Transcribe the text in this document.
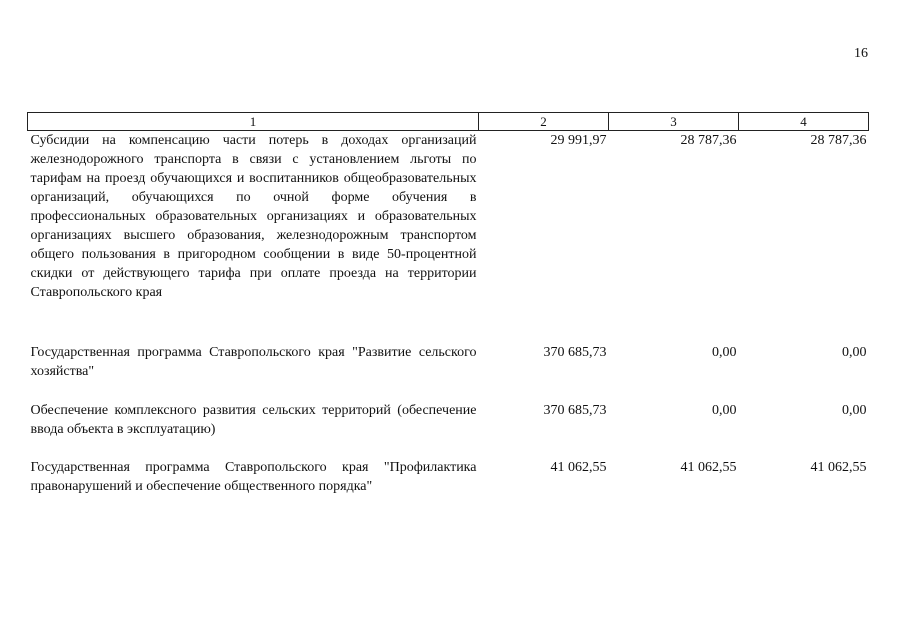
16
1	2	3	4
Субсидии на компенсацию части потерь в доходах организаций железнодорожного транспорта в связи с установлением льготы по тарифам на проезд обучающихся и воспитанников общеобразовательных организаций, обучающихся по очной форме обучения в профессиональных образовательных организациях и образовательных организациях высшего образования, железнодорожным транспортом общего пользования в пригородном сообщении в виде 50-процентной скидки от действующего тарифа при оплате проезда на территории Ставропольского края	29 991,97	28 787,36	28 787,36
Государственная программа Ставропольского края "Развитие сельского хозяйства"	370 685,73	0,00	0,00
Обеспечение комплексного развития сельских территорий (обеспечение ввода объекта в эксплуатацию)	370 685,73	0,00	0,00
Государственная программа Ставропольского края "Профилактика правонарушений и обеспечение общественного порядка"	41 062,55	41 062,55	41 062,55
